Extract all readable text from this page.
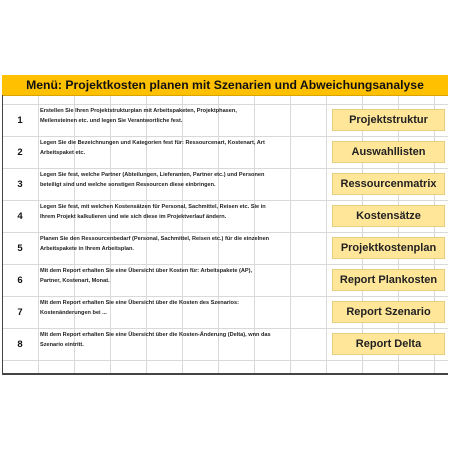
Menü: Projektkosten planen mit Szenarien und Abweichungsanalyse
1
Erstellen Sie Ihren Projektstrukturplan mit Arbeitspaketen, Projektphasen,
Meilensteinen etc. und legen Sie Verantwortliche fest.	Projektstruktur
2
Legen Sie die Bezeichnungen und Kategorien fest für: Ressourcenart, Kostenart, Art
Arbeitspaket etc.	Auswahllisten
3
Legen Sie fest, welche Partner (Abteilungen, Lieferanten, Partner etc.) und Personen
beteiligt sind und welche sonstigen Ressourcen diese einbringen.	Ressourcenmatrix
4
Legen Sie fest, mit welchen Kostensätzen für Personal, Sachmittel, Reisen etc. Sie in
Ihrem Projekt kalkulieren und wie sich diese im Projektverlauf ändern.	Kostensätze
5
Planen Sie den Ressourcenbedarf (Personal, Sachmittel, Reisen etc.) für die einzelnen
Arbeitspakete in Ihrem Arbeitsplan.	Projektkostenplan
6
Mit dem Report erhalten Sie eine Übersicht über Kosten für: Arbeitspakete (AP),
Partner, Kostenart, Monat.	Report Plankosten
7
Mit dem Report erhalten Sie eine Übersicht über die Kosten des Szenarios:
Kostenänderungen bei ...	Report Szenario
8
Mit dem Report erhalten Sie eine Übersicht über die Kosten-Änderung (Delta), wnn das
Szenario eintritt.	Report Delta
